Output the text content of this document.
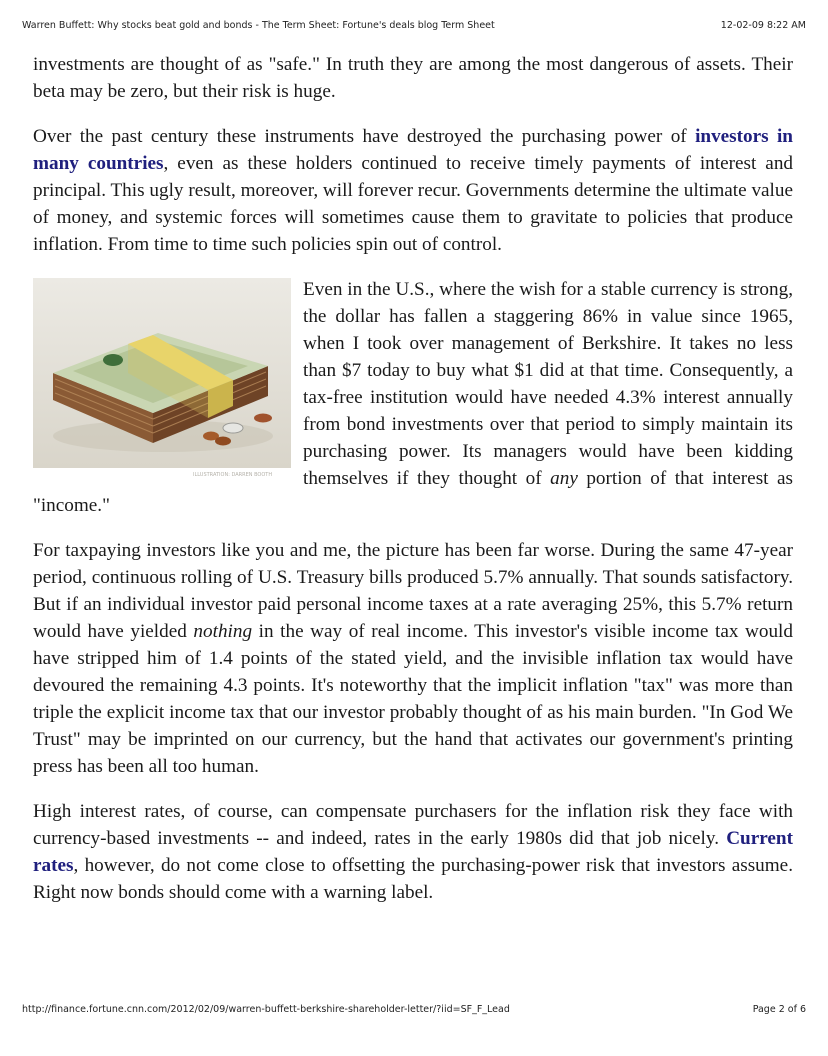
Warren Buffett: Why stocks beat gold and bonds - The Term Sheet: Fortune's deals blog Term Sheet	12-02-09 8:22 AM

investments are thought of as "safe." In truth they are among the most dangerous of assets. Their beta may be zero, but their risk is huge.

Over the past century these instruments have destroyed the purchasing power of investors in many countries, even as these holders continued to receive timely payments of interest and principal. This ugly result, moreover, will forever recur. Governments determine the ultimate value of money, and systemic forces will sometimes cause them to gravitate to policies that produce inflation. From time to time such policies spin out of control.

ILLUSTRATION: DARREN BOOTH
Even in the U.S., where the wish for a stable currency is strong, the dollar has fallen a staggering 86% in value since 1965, when I took over management of Berkshire. It takes no less than $7 today to buy what $1 did at that time. Consequently, a tax-free institution would have needed 4.3% interest annually from bond investments over that period to simply maintain its purchasing power. Its managers would have been kidding themselves if they thought of any portion of that interest as "income."

For taxpaying investors like you and me, the picture has been far worse. During the same 47-year period, continuous rolling of U.S. Treasury bills produced 5.7% annually. That sounds satisfactory. But if an individual investor paid personal income taxes at a rate averaging 25%, this 5.7% return would have yielded nothing in the way of real income. This investor's visible income tax would have stripped him of 1.4 points of the stated yield, and the invisible inflation tax would have devoured the remaining 4.3 points. It's noteworthy that the implicit inflation "tax" was more than triple the explicit income tax that our investor probably thought of as his main burden. "In God We Trust" may be imprinted on our currency, but the hand that activates our government's printing press has been all too human.

High interest rates, of course, can compensate purchasers for the inflation risk they face with currency-based investments -- and indeed, rates in the early 1980s did that job nicely. Current rates, however, do not come close to offsetting the purchasing-power risk that investors assume. Right now bonds should come with a warning label.

http://finance.fortune.cnn.com/2012/02/09/warren-buffett-berkshire-shareholder-letter/?iid=SF_F_Lead	Page 2 of 6
